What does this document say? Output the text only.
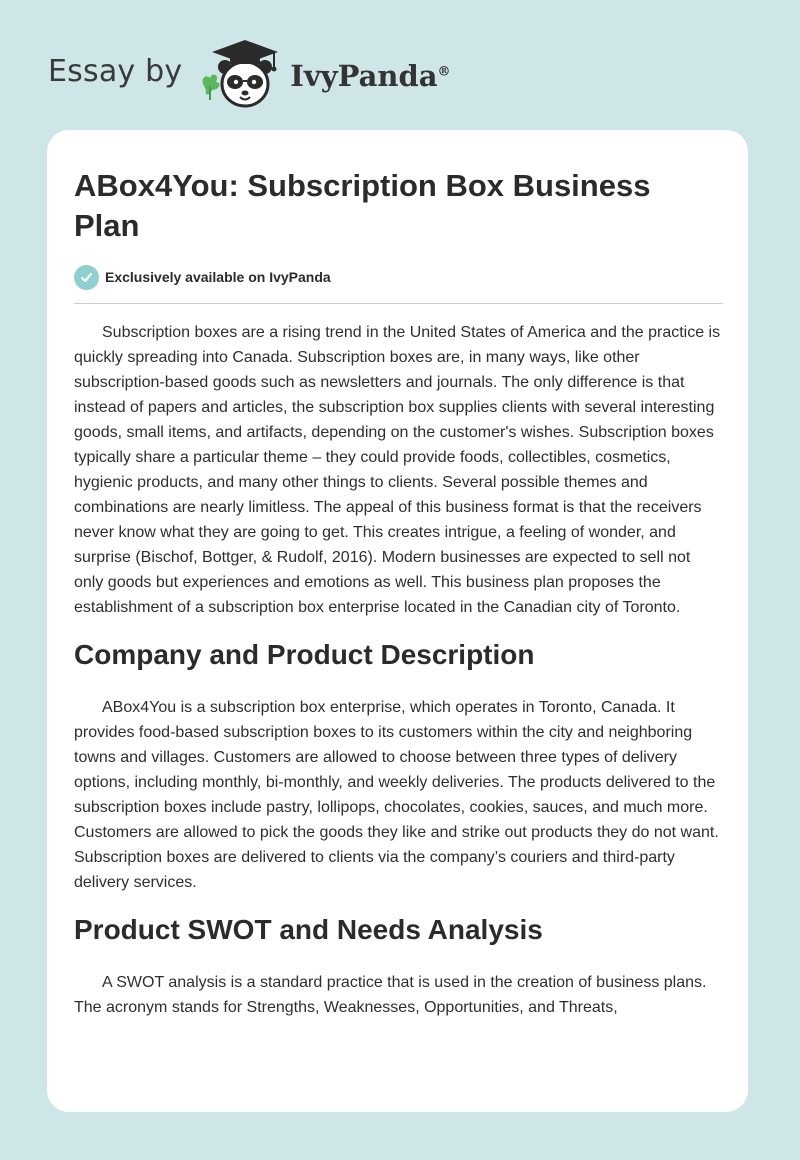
Essay by	IvyPanda®
ABox4You: Subscription Box Business Plan
Exclusively available on IvyPanda

Subscription boxes are a rising trend in the United States of America and the practice is quickly spreading into Canada. Subscription boxes are, in many ways, like other subscription-based goods such as newsletters and journals. The only difference is that instead of papers and articles, the subscription box supplies clients with several interesting goods, small items, and artifacts, depending on the customer's wishes. Subscription boxes typically share a particular theme – they could provide foods, collectibles, cosmetics, hygienic products, and many other things to clients. Several possible themes and combinations are nearly limitless. The appeal of this business format is that the receivers never know what they are going to get. This creates intrigue, a feeling of wonder, and surprise (Bischof, Bottger, & Rudolf, 2016). Modern businesses are expected to sell not only goods but experiences and emotions as well. This business plan proposes the establishment of a subscription box enterprise located in the Canadian city of Toronto.

Company and Product Description

ABox4You is a subscription box enterprise, which operates in Toronto, Canada. It provides food-based subscription boxes to its customers within the city and neighboring towns and villages. Customers are allowed to choose between three types of delivery options, including monthly, bi-monthly, and weekly deliveries. The products delivered to the subscription boxes include pastry, lollipops, chocolates, cookies, sauces, and much more. Customers are allowed to pick the goods they like and strike out products they do not want. Subscription boxes are delivered to clients via the company’s couriers and third-party delivery services.

Product SWOT and Needs Analysis

A SWOT analysis is a standard practice that is used in the creation of business plans. The acronym stands for Strengths, Weaknesses, Opportunities, and Threats,
